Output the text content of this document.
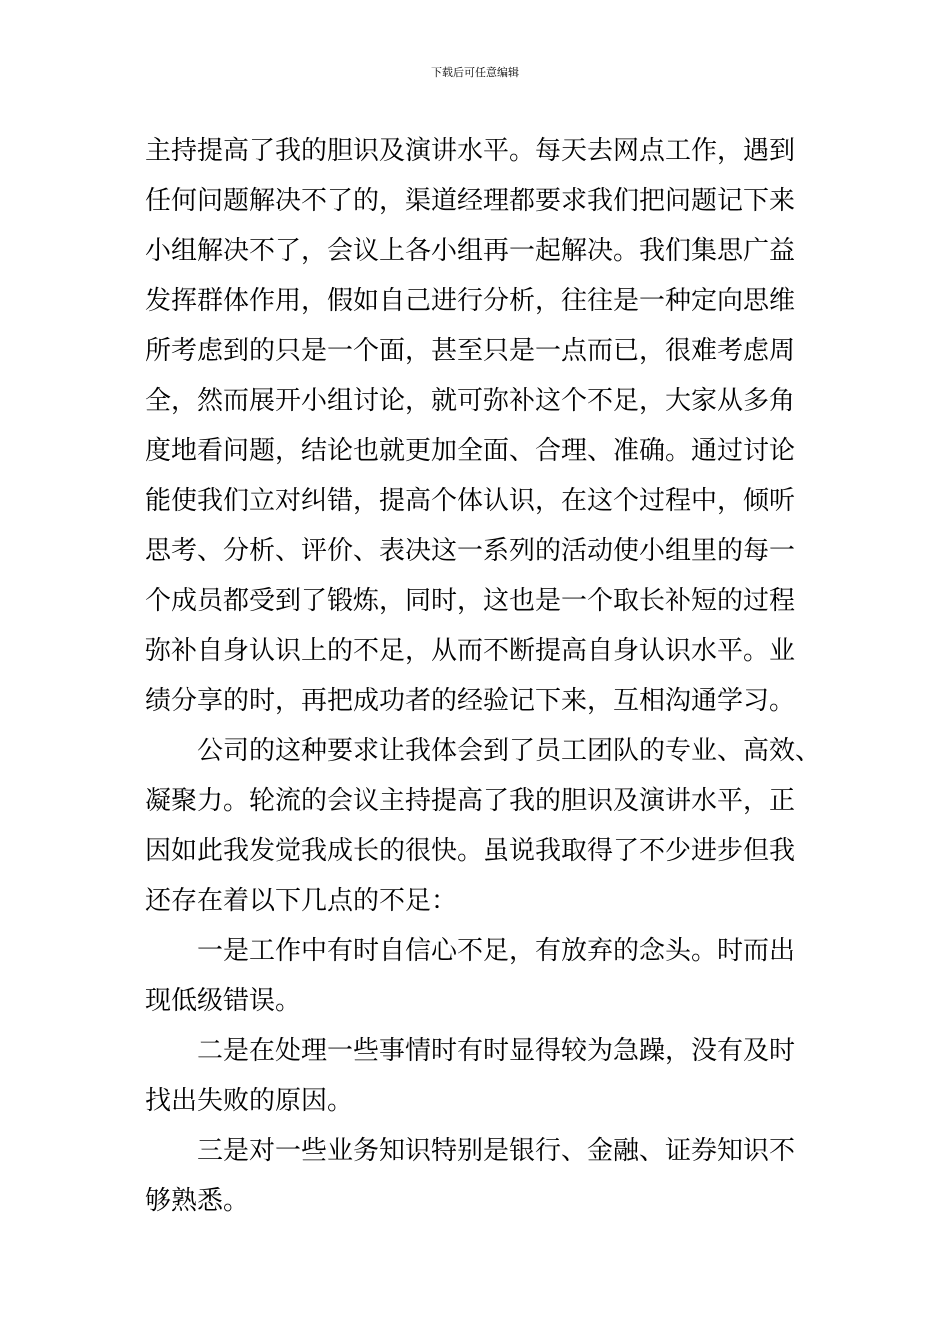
下载后可任意编辑
主持提高了我的胆识及演讲水平。每天去网点工作，遇到
任何问题解决不了的，渠道经理都要求我们把问题记下来
小组解决不了，会议上各小组再一起解决。我们集思广益
发挥群体作用，假如自己进行分析，往往是一种定向思维
所考虑到的只是一个面，甚至只是一点而已，很难考虑周
全，然而展开小组讨论，就可弥补这个不足，大家从多角
度地看问题，结论也就更加全面、合理、准确。通过讨论
能使我们立对纠错，提高个体认识，在这个过程中，倾听
思考、分析、评价、表决这一系列的活动使小组里的每一
个成员都受到了锻炼，同时，这也是一个取长补短的过程
弥补自身认识上的不足，从而不断提高自身认识水平。业
绩分享的时，再把成功者的经验记下来，互相沟通学习。
公司的这种要求让我体会到了员工团队的专业、高效、
凝聚力。轮流的会议主持提高了我的胆识及演讲水平，正
因如此我发觉我成长的很快。虽说我取得了不少进步但我
还存在着以下几点的不足：
一是工作中有时自信心不足，有放弃的念头。时而出
现低级错误。
二是在处理一些事情时有时显得较为急躁，没有及时
找出失败的原因。
三是对一些业务知识特别是银行、金融、证券知识不
够熟悉。
